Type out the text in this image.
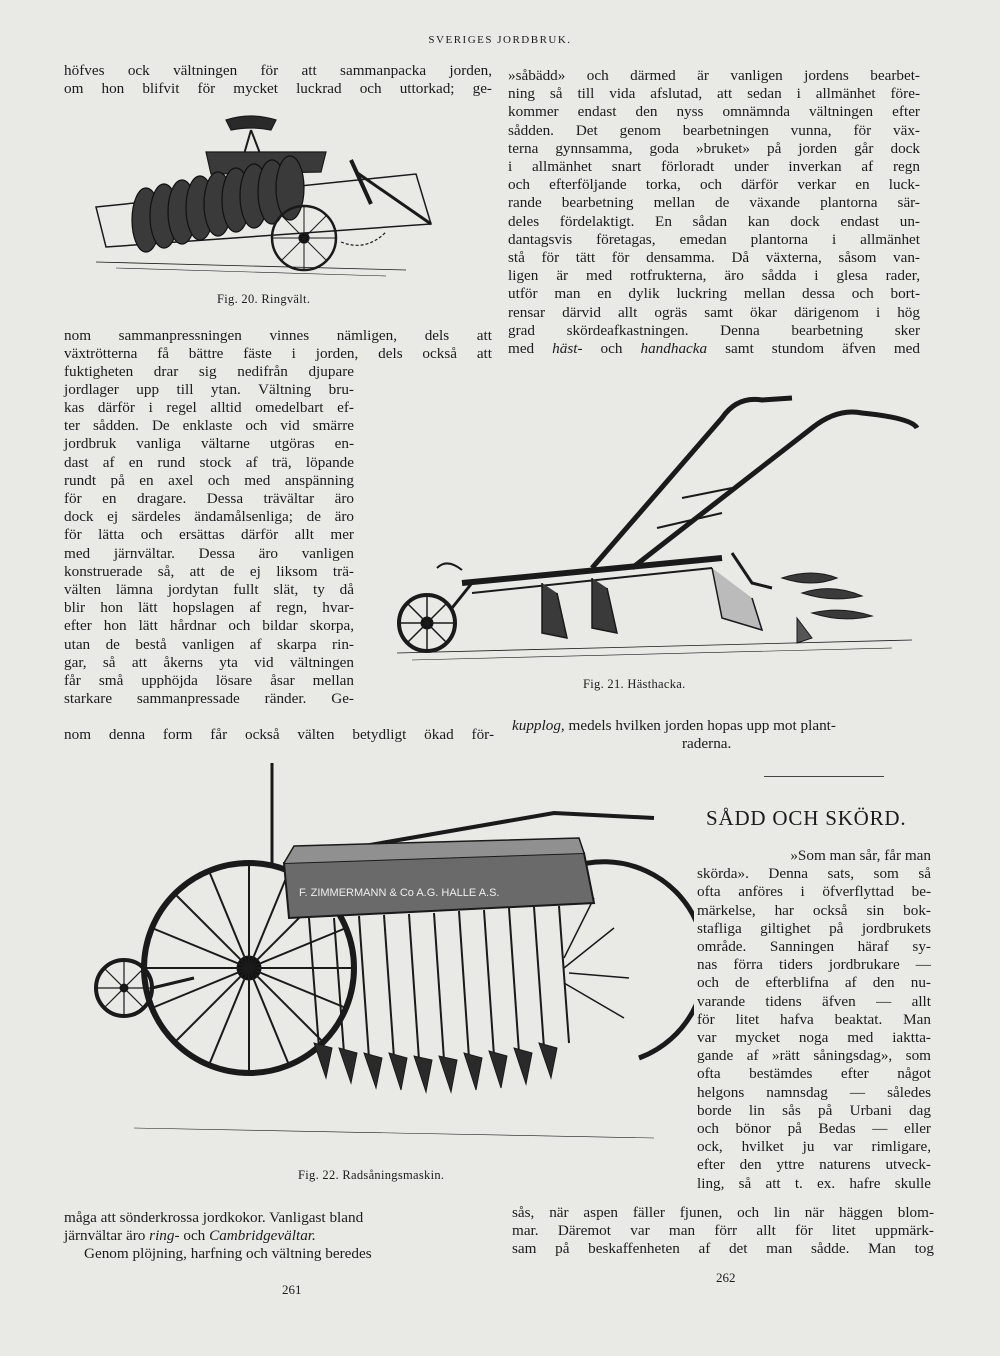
SVERIGES JORDBRUK.
höfves ock vältningen för att sammanpacka jorden,
om hon blifvit för mycket luckrad och uttorkad; ge-
Fig. 20. Ringvält.
nom sammanpressningen vinnes nämligen, dels att
växtrötterna få bättre fäste i jorden, dels också att
fuktigheten drar sig nedifrån djupare
jordlager upp till ytan. Vältning bru-
kas därför i regel alltid omedelbart ef-
ter sådden. De enklaste och vid smärre
jordbruk vanliga vältarne utgöras en-
dast af en rund stock af trä, löpande
rundt på en axel och med anspänning
för en dragare. Dessa trävältar äro
dock ej särdeles ändamålsenliga; de äro
för lätta och ersättas därför allt mer
med järnvältar. Dessa äro vanligen
konstruerade så, att de ej liksom trä-
välten lämna jordytan fullt slät, ty då
blir hon lätt hopslagen af regn, hvar-
efter hon lätt hårdnar och bildar skorpa,
utan de bestå vanligen af skarpa rin-
gar, så att åkerns yta vid vältningen
får små upphöjda lösare åsar mellan
starkare sammanpressade ränder. Ge-
nom denna form får också välten betydligt ökad för-
»såbädd» och därmed är vanligen jordens bearbet-
ning så till vida afslutad, att sedan i allmänhet före-
kommer endast den nyss omnämnda vältningen efter
sådden. Det genom bearbetningen vunna, för väx-
terna gynnsamma, goda »bruket» på jorden går dock
i allmänhet snart förloradt under inverkan af regn
och efterföljande torka, och därför verkar en luck-
rande bearbetning mellan de växande plantorna sär-
deles fördelaktigt. En sådan kan dock endast un-
dantagsvis företagas, emedan plantorna i allmänhet
stå för tätt för densamma. Då växterna, såsom van-
ligen är med rotfrukterna, äro sådda i glesa rader,
utför man en dylik luckring mellan dessa och bort-
rensar därvid allt ogräs samt ökar därigenom i hög
grad skördeafkastningen. Denna bearbetning sker
med häst- och handhacka samt stundom äfven med
Fig. 21. Hästhacka.
kupplog, medels hvilken jorden hopas upp mot plant-
raderna.
SÅDD OCH SKÖRD.
»Som man sår, får man
skörda». Denna sats, som så
ofta anföres i öfverflyttad be-
märkelse, har också sin bok-
stafliga giltighet på jordbrukets
område. Sanningen häraf sy-
nas förra tiders jordbrukare —
och de efterblifna af den nu-
varande tidens äfven — allt
för litet hafva beaktat. Man
var mycket noga med iaktta-
gande af »rätt såningsdag», som
ofta bestämdes efter något
helgons namnsdag — således
borde lin sås på Urbani dag
och bönor på Bedas — eller
ock, hvilket ju var rimligare,
efter den yttre naturens utveck-
ling, så att t. ex. hafre skulle
F. ZIMMERMANN & Co A.G. HALLE A.S.
Fig. 22. Radsåningsmaskin.
måga att sönderkrossa jordkokor. Vanligast bland
järnvältar äro ring- och Cambridgevältar.
Genom plöjning, harfning och vältning beredes
sås, när aspen fäller fjunen, och lin när häggen blom-
mar. Däremot var man förr allt för litet uppmärk-
sam på beskaffenheten af det man sådde. Man tog
261
262
